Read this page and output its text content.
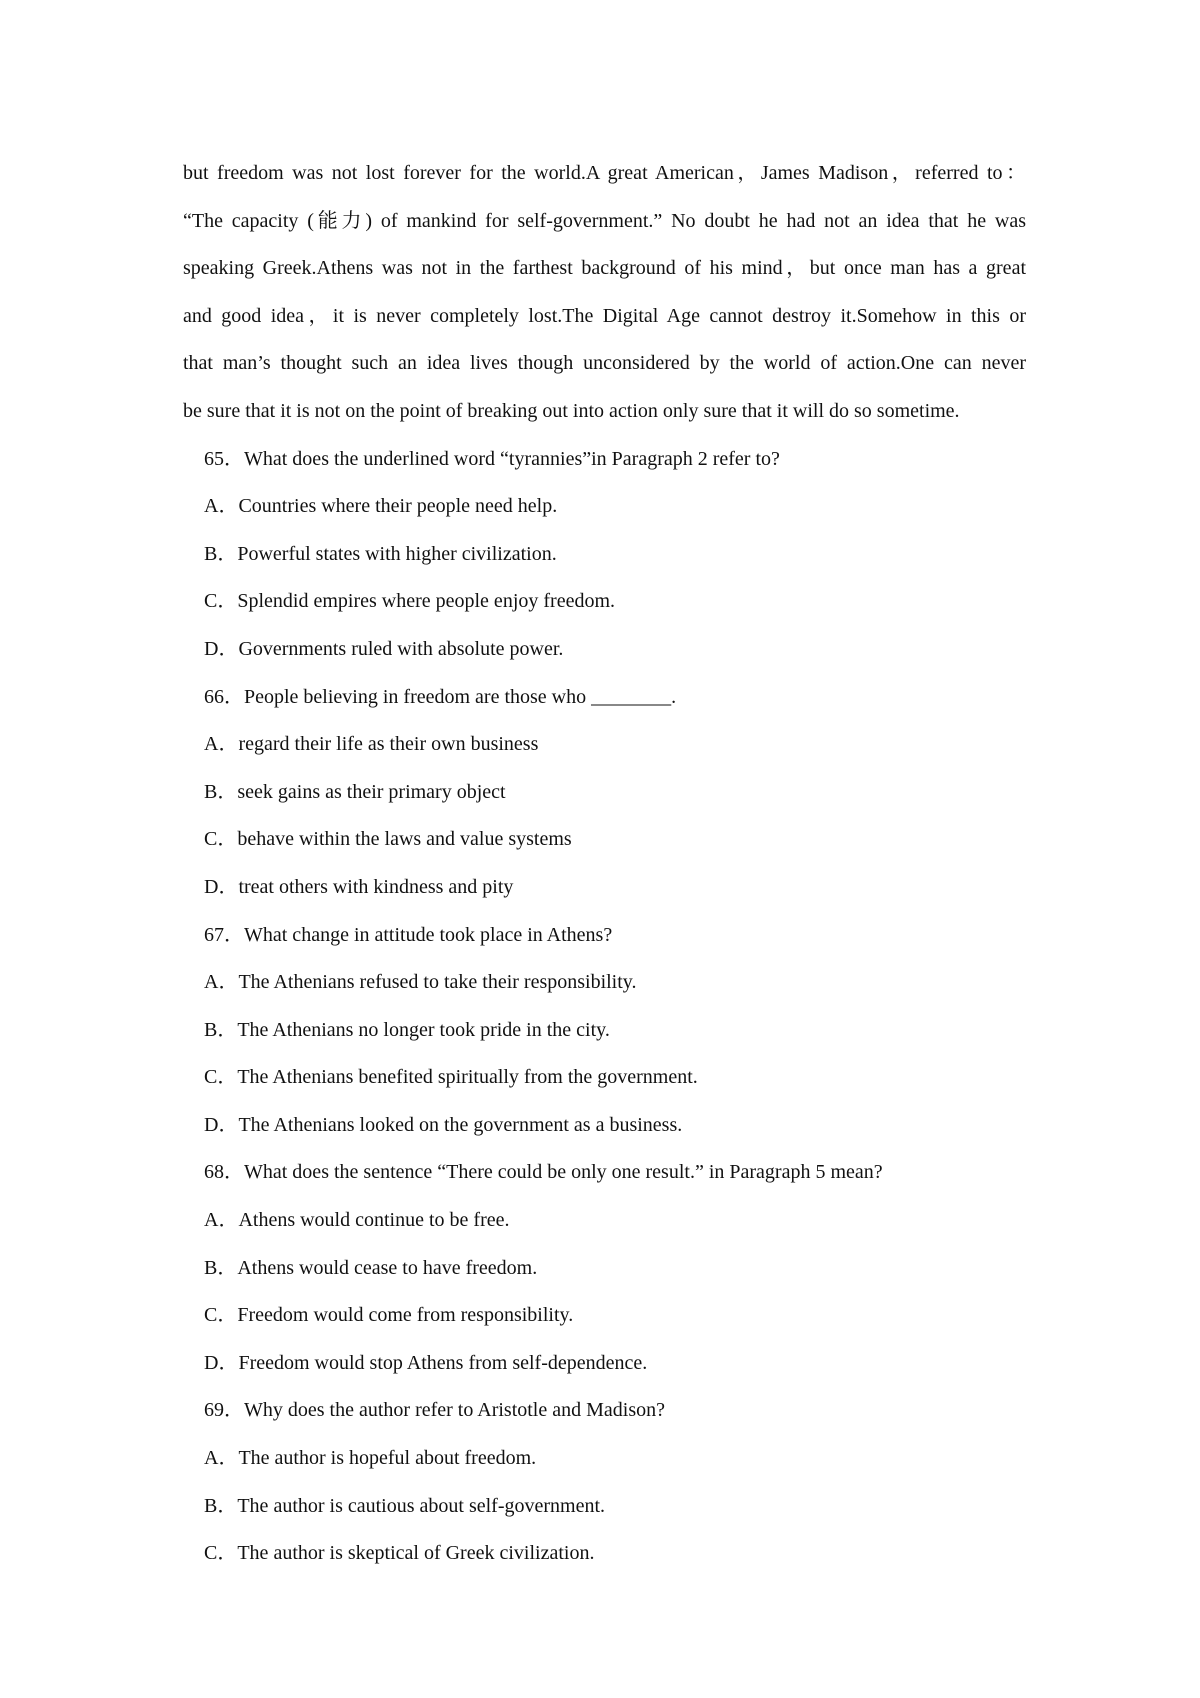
but freedom was not lost forever for the world.A great American，James Madison，referred to：
“The capacity (能力) of mankind for self-government.” No doubt he had not an idea that he was
speaking Greek.Athens was not in the farthest background of his mind，but once man has a great
and good idea，it is never completely lost.The Digital Age cannot destroy it.Somehow in this or
that man’s thought such an idea lives though unconsidered by the world of action.One can never
be sure that it is not on the point of breaking out into action only sure that it will do so sometime.
65．What does the underlined word “tyrannies”in Paragraph 2 refer to?
A．Countries where their people need help.
B．Powerful states with higher civilization.
C．Splendid empires where people enjoy freedom.
D．Governments ruled with absolute power.
66．People believing in freedom are those who ________.
A．regard their life as their own business
B．seek gains as their primary object
C．behave within the laws and value systems
D．treat others with kindness and pity
67．What change in attitude took place in Athens?
A．The Athenians refused to take their responsibility.
B．The Athenians no longer took pride in the city.
C．The Athenians benefited spiritually from the government.
D．The Athenians looked on the government as a business.
68．What does the sentence “There could be only one result.” in Paragraph 5 mean?
A．Athens would continue to be free.
B．Athens would cease to have freedom.
C．Freedom would come from responsibility.
D．Freedom would stop Athens from self-dependence.
69．Why does the author refer to Aristotle and Madison?
A．The author is hopeful about freedom.
B．The author is cautious about self-government.
C．The author is skeptical of Greek civilization.
